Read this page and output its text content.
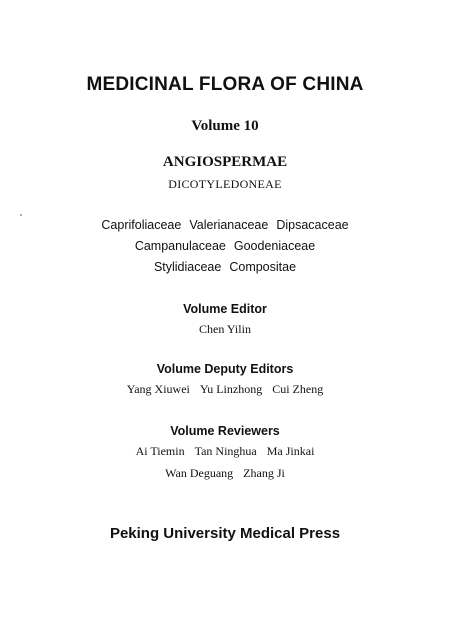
MEDICINAL FLORA OF CHINA
Volume 10
ANGIOSPERMAE
DICOTYLEDONEAE
Caprifoliaceae Valerianaceae Dipsacaceae
Campanulaceae Goodeniaceae
Stylidiaceae Compositae
Volume Editor
Chen Yilin
Volume Deputy Editors
Yang Xiuwei Yu Linzhong Cui Zheng
Volume Reviewers
Ai Tiemin Tan Ninghua Ma Jinkai
Wan Deguang Zhang Ji
Peking University Medical Press
